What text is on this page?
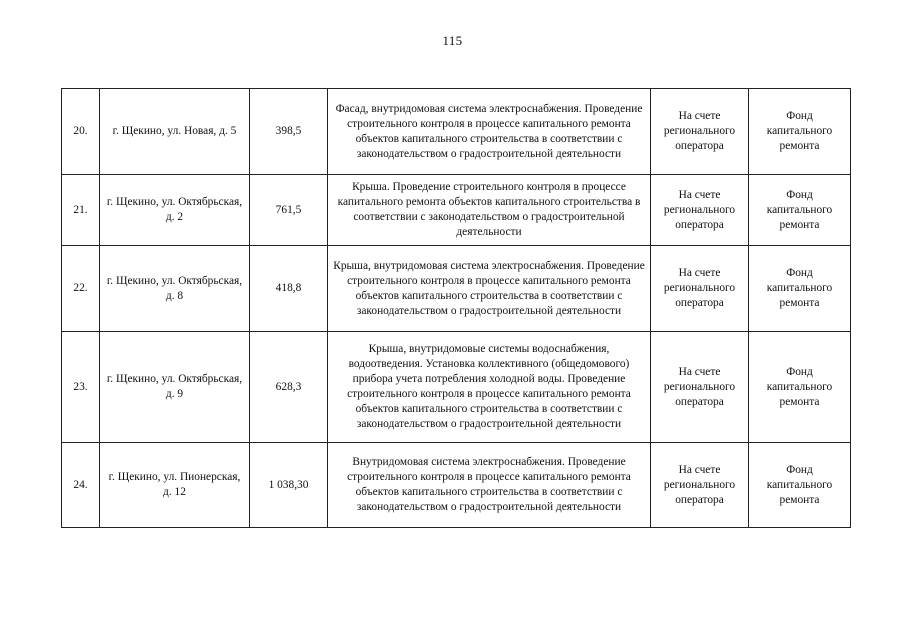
115
20.	г. Щекино, ул. Новая, д. 5	398,5	Фасад, внутридомовая система электроснабжения. Проведение строительного контроля в процессе капитального ремонта объектов капитального строительства в соответствии с законодательством о градостроительной деятельности	На счете регионального оператора	Фонд капитального ремонта
21.	г. Щекино, ул. Октябрьская, д. 2	761,5	Крыша. Проведение строительного контроля в процессе капитального ремонта объектов капитального строительства в соответствии с законодательством о градостроительной деятельности	На счете регионального оператора	Фонд капитального ремонта
22.	г. Щекино, ул. Октябрьская, д. 8	418,8	Крыша, внутридомовая система электроснабжения. Проведение строительного контроля в процессе капитального ремонта объектов капитального строительства в соответствии с законодательством о градостроительной деятельности	На счете регионального оператора	Фонд капитального ремонта
23.	г. Щекино, ул. Октябрьская, д. 9	628,3	Крыша, внутридомовые системы водоснабжения, водоотведения. Установка коллективного (общедомового) прибора учета потребления холодной воды. Проведение строительного контроля в процессе капитального ремонта объектов капитального строительства в соответствии с законодательством о градостроительной деятельности	На счете регионального оператора	Фонд капитального ремонта
24.	г. Щекино, ул. Пионерская, д. 12	1 038,30	Внутридомовая система электроснабжения. Проведение строительного контроля в процессе капитального ремонта объектов капитального строительства в соответствии с законодательством о градостроительной деятельности	На счете регионального оператора	Фонд капитального ремонта
